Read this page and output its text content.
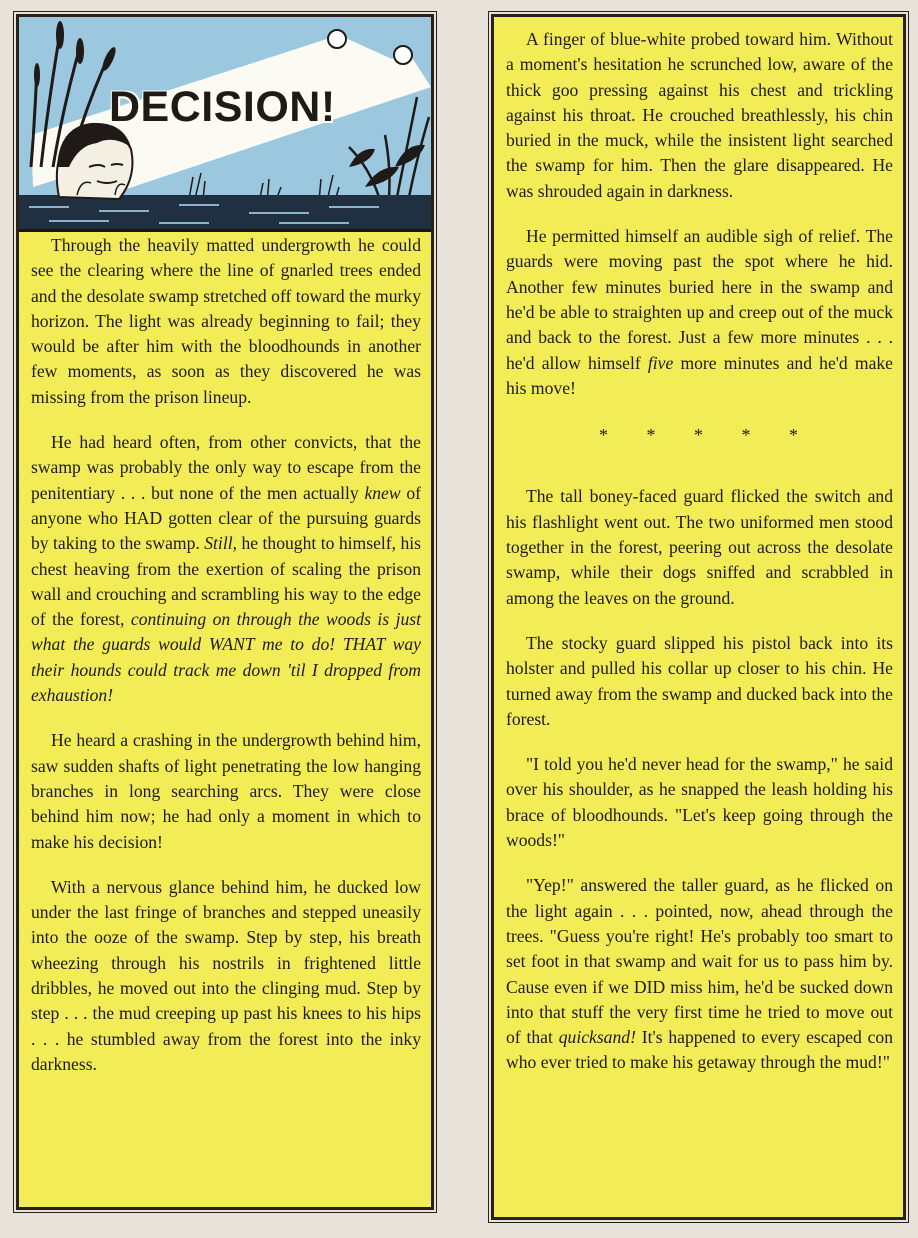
DECISION!

Through the heavily matted undergrowth he could see the clearing where the line of gnarled trees ended and the desolate swamp stretched off toward the murky horizon. The light was already beginning to fail; they would be after him with the bloodhounds in another few moments, as soon as they discovered he was missing from the prison lineup.

He had heard often, from other convicts, that the swamp was probably the only way to escape from the penitentiary . . . but none of the men actually knew of anyone who HAD gotten clear of the pursuing guards by taking to the swamp. Still, he thought to himself, his chest heaving from the exertion of scaling the prison wall and crouching and scrambling his way to the edge of the forest, continuing on through the woods is just what the guards would WANT me to do! THAT way their hounds could track me down 'til I dropped from exhaustion!

He heard a crashing in the undergrowth behind him, saw sudden shafts of light penetrating the low hanging branches in long searching arcs. They were close behind him now; he had only a moment in which to make his decision!

With a nervous glance behind him, he ducked low under the last fringe of branches and stepped uneasily into the ooze of the swamp. Step by step, his breath wheezing through his nostrils in frightened little dribbles, he moved out into the clinging mud. Step by step . . . the mud creeping up past his knees to his hips . . . he stumbled away from the forest into the inky darkness.

A finger of blue-white probed toward him. Without a moment's hesitation he scrunched low, aware of the thick goo pressing against his chest and trickling against his throat. He crouched breathlessly, his chin buried in the muck, while the insistent light searched the swamp for him. Then the glare disappeared. He was shrouded again in darkness.

He permitted himself an audible sigh of relief. The guards were moving past the spot where he hid. Another few minutes buried here in the swamp and he'd be able to straighten up and creep out of the muck and back to the forest. Just a few more minutes . . . he'd allow himself five more minutes and he'd make his move!

* * * * *

The tall boney-faced guard flicked the switch and his flashlight went out. The two uniformed men stood together in the forest, peering out across the desolate swamp, while their dogs sniffed and scrabbled in among the leaves on the ground.

The stocky guard slipped his pistol back into its holster and pulled his collar up closer to his chin. He turned away from the swamp and ducked back into the forest.

"I told you he'd never head for the swamp," he said over his shoulder, as he snapped the leash holding his brace of bloodhounds. "Let's keep going through the woods!"

"Yep!" answered the taller guard, as he flicked on the light again . . . pointed, now, ahead through the trees. "Guess you're right! He's probably too smart to set foot in that swamp and wait for us to pass him by. Cause even if we DID miss him, he'd be sucked down into that stuff the very first time he tried to move out of that quicksand! It's happened to every escaped con who ever tried to make his getaway through the mud!"
